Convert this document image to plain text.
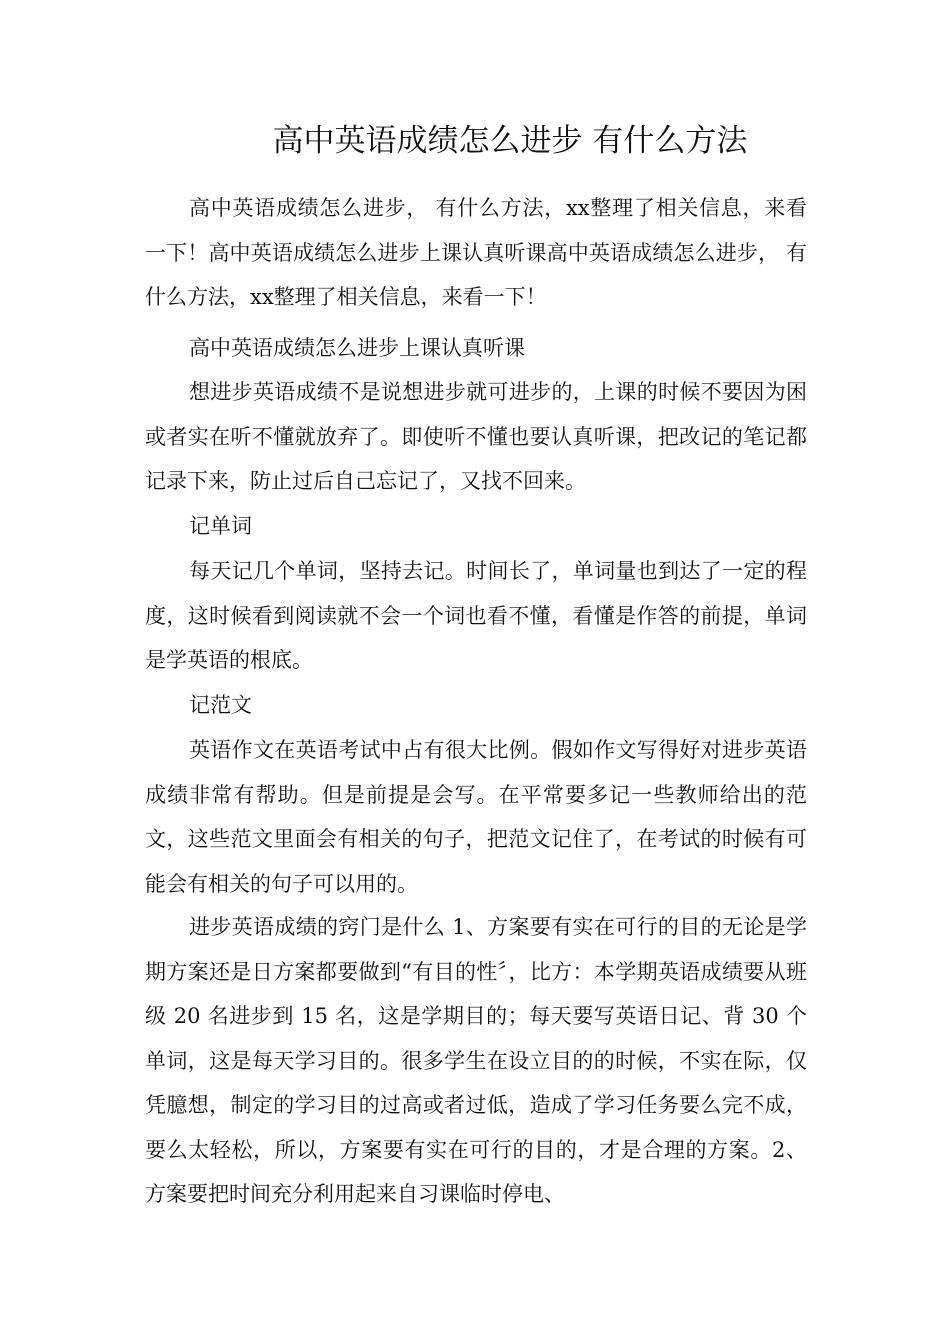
高中英语成绩怎么进步 有什么方法

高中英语成绩怎么进步， 有什么方法，xx整理了相关信息，来看一下！高中英语成绩怎么进步上课认真听课高中英语成绩怎么进步， 有什么方法，xx整理了相关信息，来看一下！

高中英语成绩怎么进步上课认真听课

想进步英语成绩不是说想进步就可进步的，上课的时候不要因为困或者实在听不懂就放弃了。即使听不懂也要认真听课，把改记的笔记都记录下来，防止过后自己忘记了，又找不回来。

记单词

每天记几个单词，坚持去记。时间长了，单词量也到达了一定的程度，这时候看到阅读就不会一个词也看不懂，看懂是作答的前提，单词是学英语的根底。

记范文

英语作文在英语考试中占有很大比例。假如作文写得好对进步英语成绩非常有帮助。但是前提是会写。在平常要多记一些教师给出的范文，这些范文里面会有相关的句子，把范文记住了，在考试的时候有可能会有相关的句子可以用的。

进步英语成绩的窍门是什么 1、方案要有实在可行的目的无论是学期方案还是日方案都要做到“有目的性〞，比方：本学期英语成绩要从班级 20 名进步到 15 名，这是学期目的；每天要写英语日记、背 30 个单词，这是每天学习目的。很多学生在设立目的的时候，不实在际，仅凭臆想，制定的学习目的过高或者过低，造成了学习任务要么完不成，要么太轻松，所以，方案要有实在可行的目的，才是合理的方案。2、方案要把时间充分利用起来自习课临时停电、
